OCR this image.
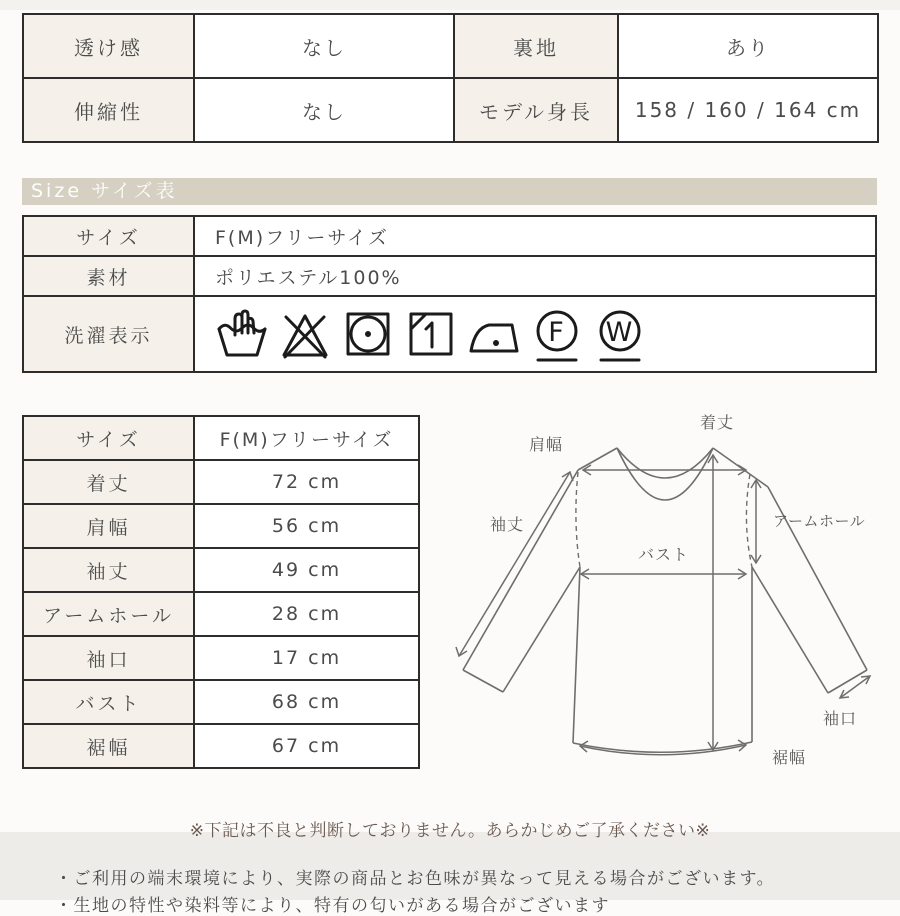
透け感	なし	裏地	あり
伸縮性	なし	モデル身長	158 / 160 / 164 cm
Size サイズ表
サイズ	F(M)フリーサイズ
素材	ポリエステル100%
洗濯表示	F W
サイズ	F(M)フリーサイズ
着丈	72 cm
肩幅	56 cm
袖丈	49 cm
アームホール	28 cm
袖口	17 cm
バスト	68 cm
裾幅	67 cm
肩幅
着丈
袖丈	アームホール
バスト
袖口
裾幅
※下記は不良と判断しておりません。あらかじめご了承ください※
・ご利用の端末環境により、実際の商品とお色味が異なって見える場合がございます。
・生地の特性や染料等により、特有の匂いがある場合がございます
